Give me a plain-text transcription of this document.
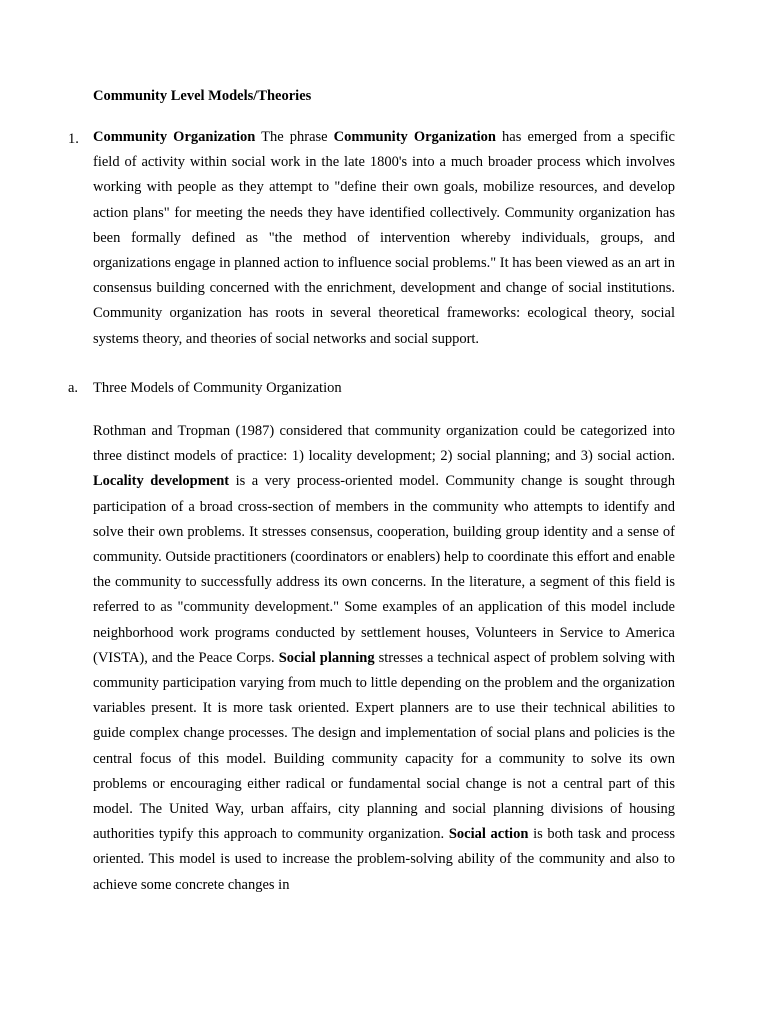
Community Level Models/Theories
1. Community Organization The phrase Community Organization has emerged from a specific field of activity within social work in the late 1800's into a much broader process which involves working with people as they attempt to "define their own goals, mobilize resources, and develop action plans" for meeting the needs they have identified collectively. Community organization has been formally defined as "the method of intervention whereby individuals, groups, and organizations engage in planned action to influence social problems." It has been viewed as an art in consensus building concerned with the enrichment, development and change of social institutions. Community organization has roots in several theoretical frameworks: ecological theory, social systems theory, and theories of social networks and social support.

a. Three Models of Community Organization

Rothman and Tropman (1987) considered that community organization could be categorized into three distinct models of practice: 1) locality development; 2) social planning; and 3) social action. Locality development is a very process-oriented model. Community change is sought through participation of a broad cross-section of members in the community who attempts to identify and solve their own problems. It stresses consensus, cooperation, building group identity and a sense of community. Outside practitioners (coordinators or enablers) help to coordinate this effort and enable the community to successfully address its own concerns. In the literature, a segment of this field is referred to as "community development." Some examples of an application of this model include neighborhood work programs conducted by settlement houses, Volunteers in Service to America (VISTA), and the Peace Corps. Social planning stresses a technical aspect of problem solving with community participation varying from much to little depending on the problem and the organization variables present. It is more task oriented. Expert planners are to use their technical abilities to guide complex change processes. The design and implementation of social plans and policies is the central focus of this model. Building community capacity for a community to solve its own problems or encouraging either radical or fundamental social change is not a central part of this model. The United Way, urban affairs, city planning and social planning divisions of housing authorities typify this approach to community organization. Social action is both task and process oriented. This model is used to increase the problem-solving ability of the community and also to achieve some concrete changes in
